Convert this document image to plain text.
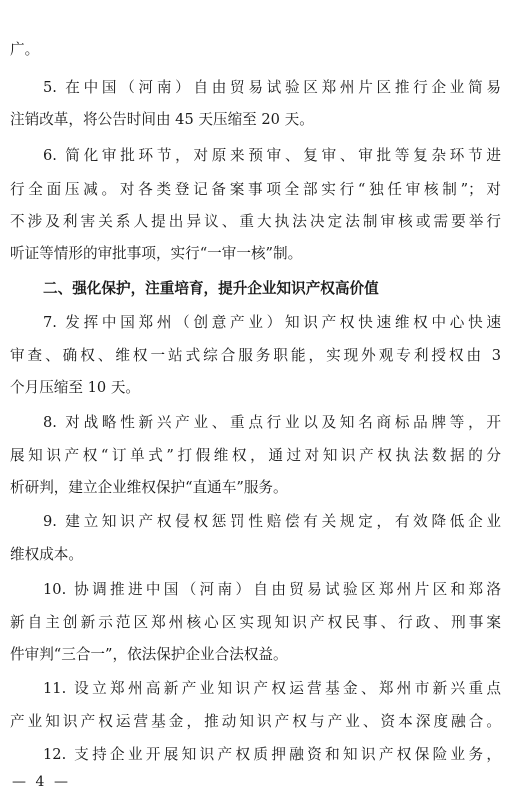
广。
5. 在中国（河南）自由贸易试验区郑州片区推行企业简易
注销改革，将公告时间由 45 天压缩至 20 天。
6. 简化审批环节，对原来预审、复审、审批等复杂环节进
行全面压减。对各类登记备案事项全部实行“独任审核制”；对
不涉及利害关系人提出异议、重大执法决定法制审核或需要举行
听证等情形的审批事项，实行“一审一核”制。
二、强化保护，注重培育，提升企业知识产权高价值
7. 发挥中国郑州（创意产业）知识产权快速维权中心快速
审查、确权、维权一站式综合服务职能，实现外观专利授权由 3
个月压缩至 10 天。
8. 对战略性新兴产业、重点行业以及知名商标品牌等，开
展知识产权“订单式”打假维权，通过对知识产权执法数据的分
析研判，建立企业维权保护“直通车”服务。
9. 建立知识产权侵权惩罚性赔偿有关规定，有效降低企业
维权成本。
10. 协调推进中国（河南）自由贸易试验区郑州片区和郑洛
新自主创新示范区郑州核心区实现知识产权民事、行政、刑事案
件审判“三合一”，依法保护企业合法权益。
11. 设立郑州高新产业知识产权运营基金、郑州市新兴重点
产业知识产权运营基金，推动知识产权与产业、资本深度融合。
12. 支持企业开展知识产权质押融资和知识产权保险业务，
— 4 —
